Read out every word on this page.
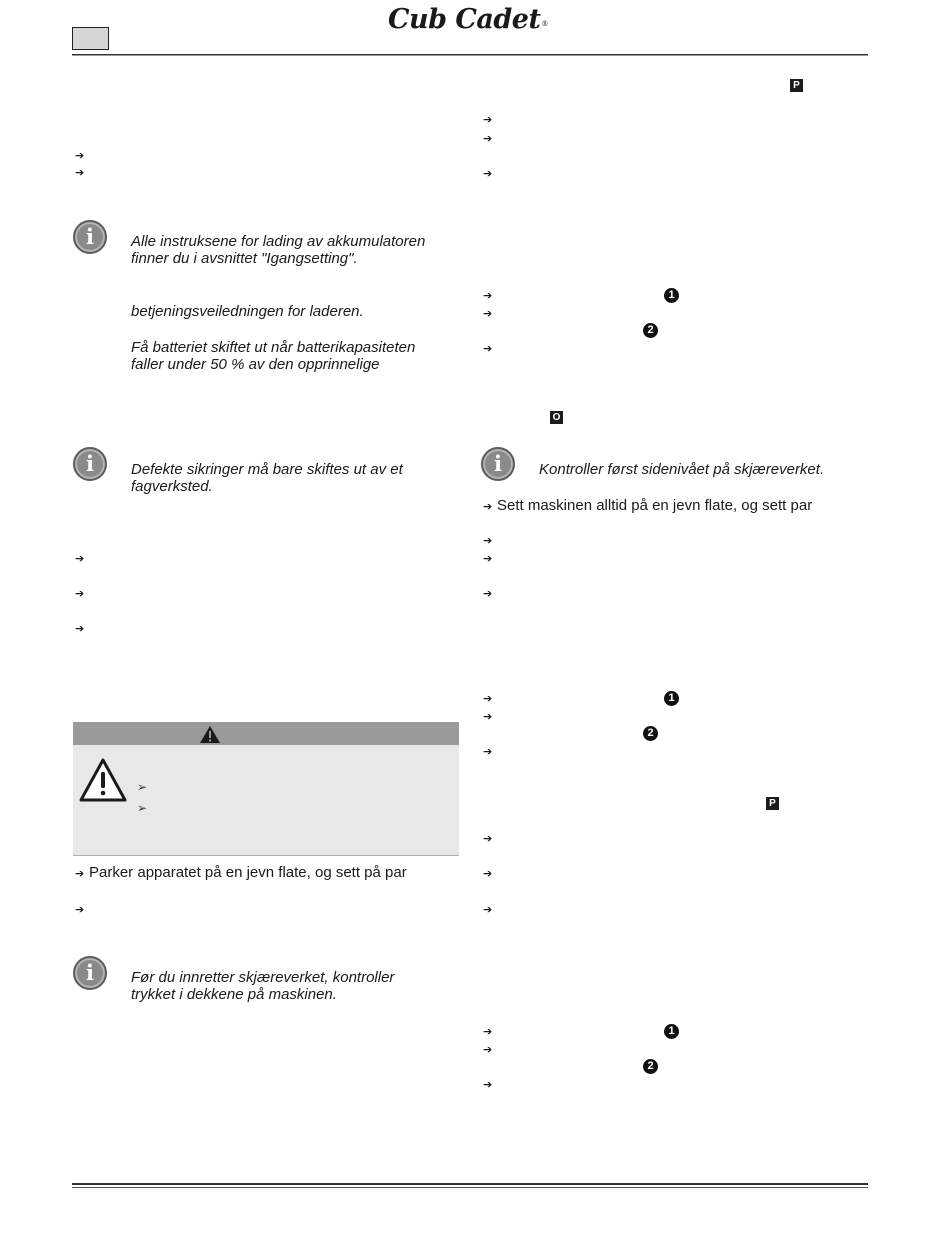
Cub Cadet®
➔
➔
i	Alle instruksene for lading av akkumulatoren
finner du i avsnittet "Igangsetting".
betjeningsveiledningen for laderen.
Få batteriet skiftet ut når batterikapasiteten
faller under 50 % av den opprinnelige
i	Defekte sikringer må bare skiftes ut av et
fagverksted.
➔
➔
➔
➢
➢
➔ Parker apparatet på en jevn flate, og sett på par
➔
i	Før du innretter skjæreverket, kontroller
trykket i dekkene på maskinen.
P
➔
➔
➔
➔	1
➔
2
➔
O
i	Kontroller først sidenivået på skjæreverket.
➔ Sett maskinen alltid på en jevn flate, og sett par
➔
➔
➔
➔	1
➔
2
➔
P
➔
➔
➔
➔	1
➔
2
➔
